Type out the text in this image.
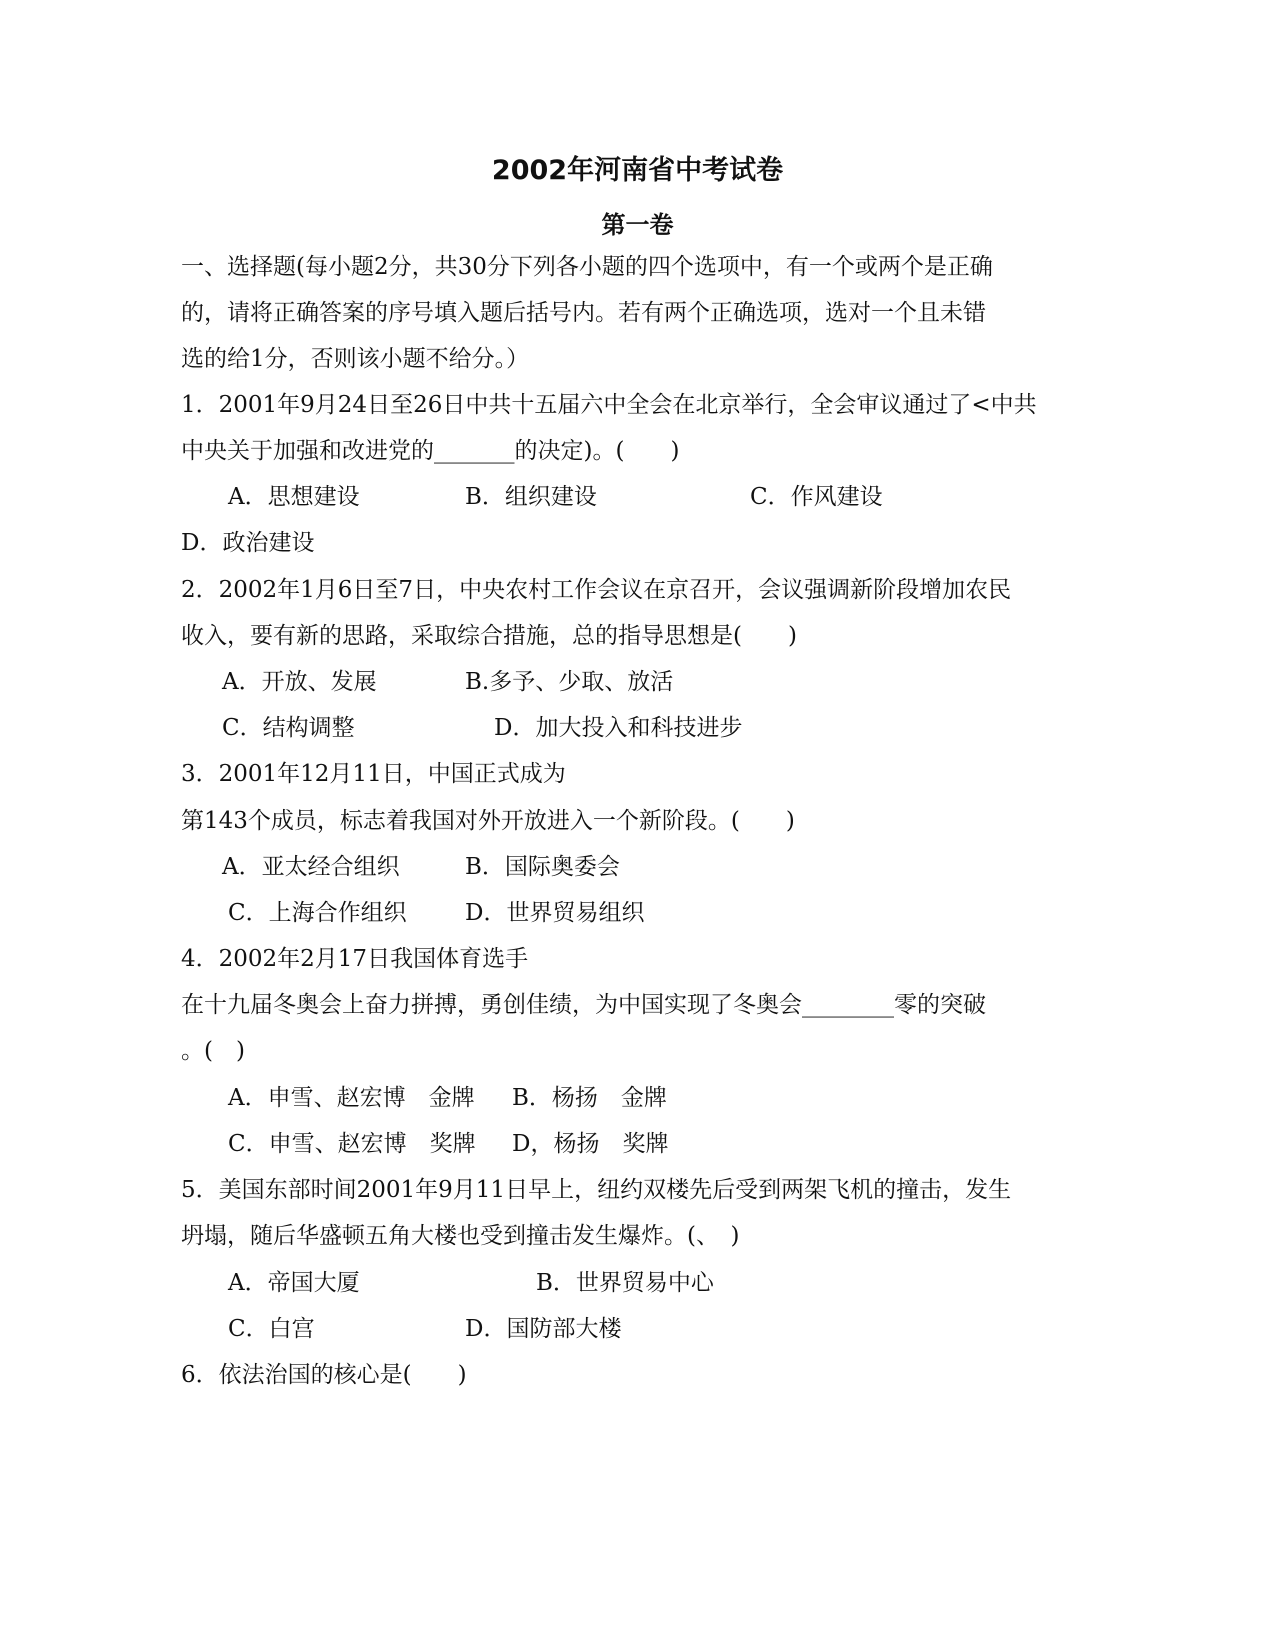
2002年河南省中考试卷
第一卷
一、选择题(每小题2分，共30分下列各小题的四个选项中，有一个或两个是正确
的，请将正确答案的序号填入题后括号内。若有两个正确选项，选对一个且未错
选的给1分，否则该小题不给分。）
1．2001年9月24日至26日中共十五届六中全会在北京举行，全会审议通过了<中共
中央关于加强和改进党的_______的决定)。(　　)
A．思想建设	B．组织建设	C．作风建设
D．政治建设
2．2002年1月6日至7日，中央农村工作会议在京召开，会议强调新阶段增加农民
收入，要有新的思路，采取综合措施，总的指导思想是(　　)
A．开放、发展	B.多予、少取、放活
C．结构调整	D．加大投入和科技进步
3．2001年12月11日，中国正式成为
第143个成员，标志着我国对外开放进入一个新阶段。(　　)
A．亚太经合组织	B．国际奥委会
C．上海合作组织	D．世界贸易组织
4．2002年2月17日我国体育选手
在十九届冬奥会上奋力拼搏，勇创佳绩，为中国实现了冬奥会________零的突破
。(　)
A．申雪、赵宏博　金牌 B．杨扬　金牌
C．申雪、赵宏博　奖牌 D，杨扬　奖牌
5．美国东部时间2001年9月11日早上，纽约双楼先后受到两架飞机的撞击，发生
坍塌，随后华盛顿五角大楼也受到撞击发生爆炸。(、　)
A．帝国大厦	B．世界贸易中心
C．白宫	D．国防部大楼
6．依法治国的核心是(　　)
